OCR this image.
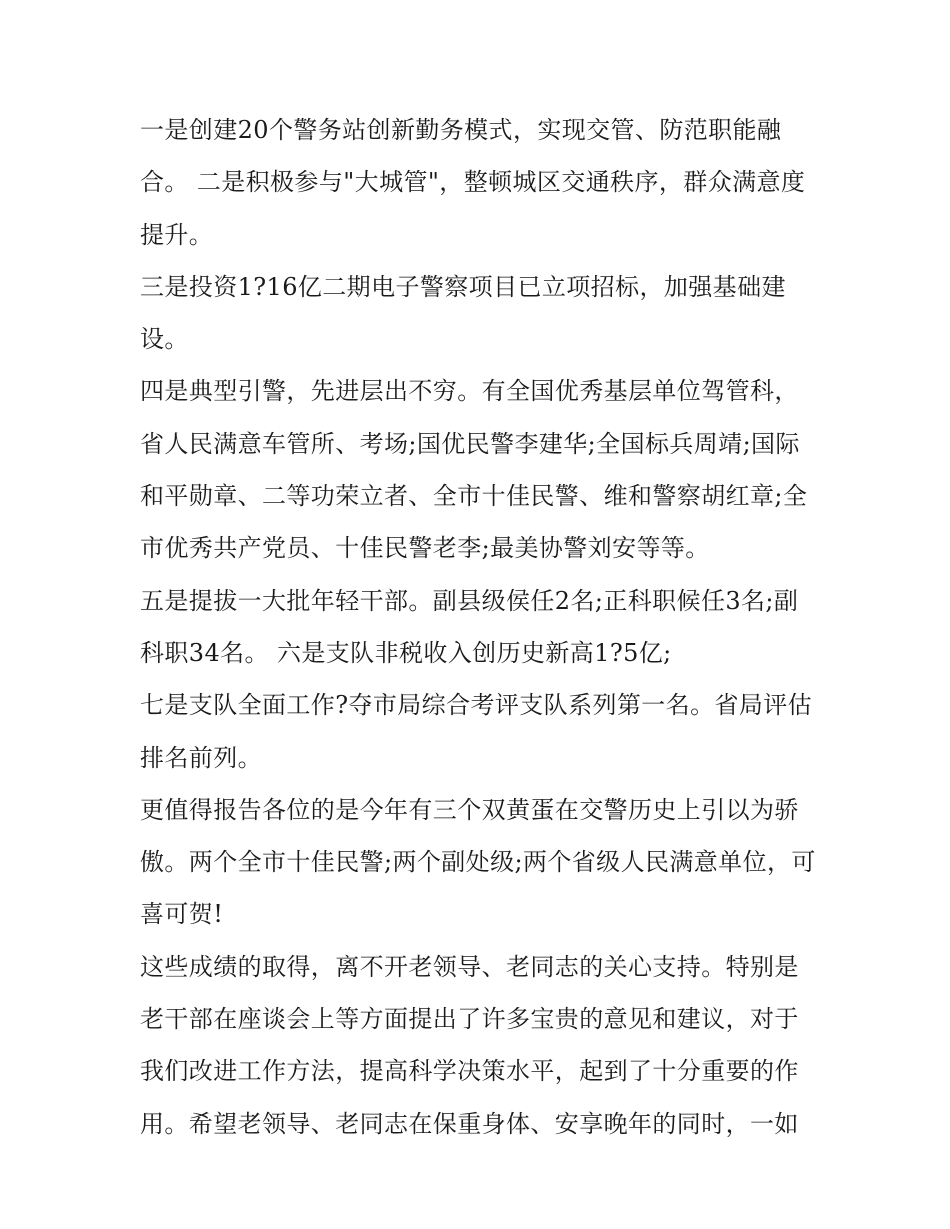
一是创建20个警务站创新勤务模式，实现交管、防范职能融合。 二是积极参与"大城管"，整顿城区交通秩序，群众满意度提升。

三是投资1?16亿二期电子警察项目已立项招标，加强基础建设。

四是典型引警，先进层出不穷。有全国优秀基层单位驾管科，省人民满意车管所、考场;国优民警李建华;全国标兵周靖;国际和平勋章、二等功荣立者、全市十佳民警、维和警察胡红章;全市优秀共产党员、十佳民警老李;最美协警刘安等等。

五是提拔一大批年轻干部。副县级侯任2名;正科职候任3名;副科职34名。 六是支队非税收入创历史新高1?5亿;

七是支队全面工作?夺市局综合考评支队系列第一名。省局评估排名前列。

更值得报告各位的是今年有三个双黄蛋在交警历史上引以为骄傲。两个全市十佳民警;两个副处级;两个省级人民满意单位，可喜可贺!

这些成绩的取得，离不开老领导、老同志的关心支持。特别是老干部在座谈会上等方面提出了许多宝贵的意见和建议，对于我们改进工作方法，提高科学决策水平，起到了十分重要的作用。希望老领导、老同志在保重身体、安享晚年的同时，一如
